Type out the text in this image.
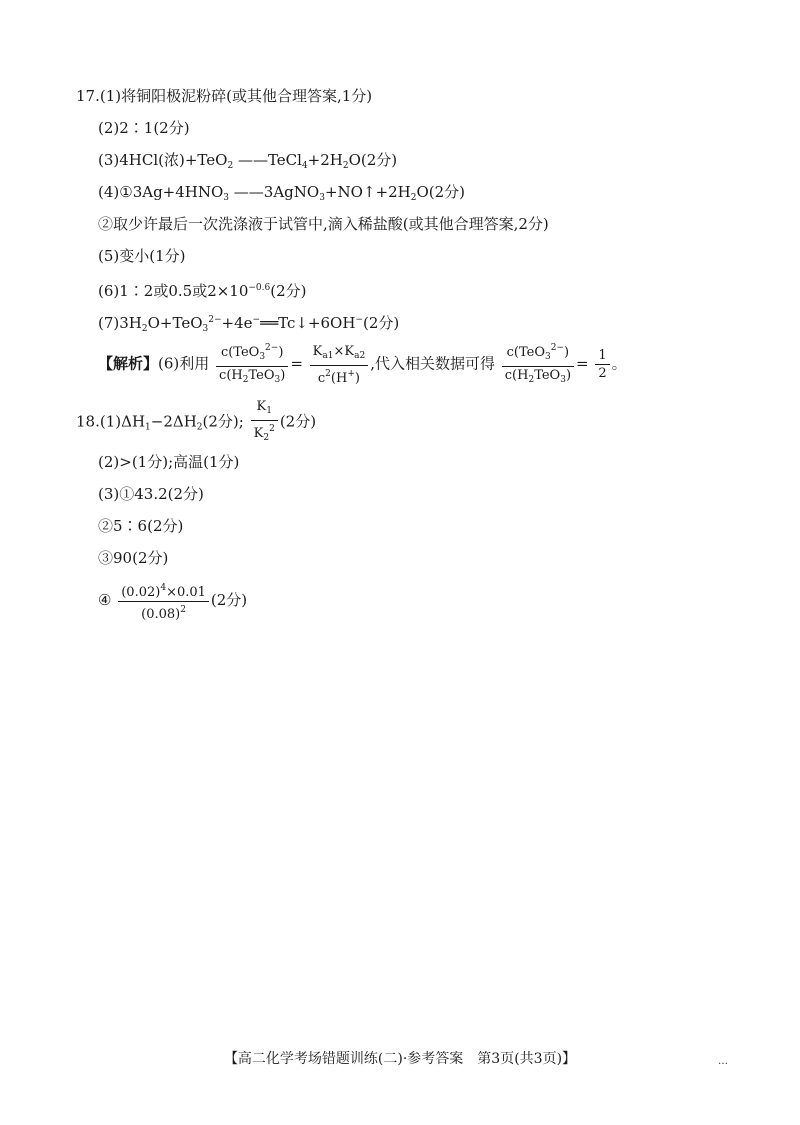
17.(1)将铜阳极泥粉碎(或其他合理答案,1分)
(2)2∶1(2分)
(3)4HCl(浓)+TeO$_2$ $——TeCl_4+2H_2O(2$分)
$(4)①3Ag+4HNO_3$ $——3AgNO_3+NO↑+2H_2O(2$分)
②取少许最后一次洗涤液于试管中,滴入稀盐酸(或其他合理答案,2分)
(5)变小(1分)
(6)1∶2或0.5或$2\times 10^{-0.6}(2$分)
$(7)3H_2O+TeO_3^{2-}+4e^-══Tc↓+6OH^-(2$分)
【解析】(6)利用 $\frac{c(TeO_3^{2-})}{c(H_2TeO_3)} = \frac{K_{a1}\times K_{a2}}{c^2(H^+)}$ ,代入相关数据可得 $\frac{c(TeO_3^{2-})}{c(H_2TeO_3)} = \frac{1}{2}$ 。
$18.(1)\Delta H_1-2\Delta H_2(2$分); $\frac{K_1}{K_2^2} (2$分)
(2)>(1分);高温(1分)
(3)①43.2(2分)
②5∶6(2分)
③90(2分)
④ $\frac{(0.02)^4\times 0.01}{(0.08)^2} (2$分)
【高二化学考场错题训练(二)·参考答案　第3页(共3页)】	…
